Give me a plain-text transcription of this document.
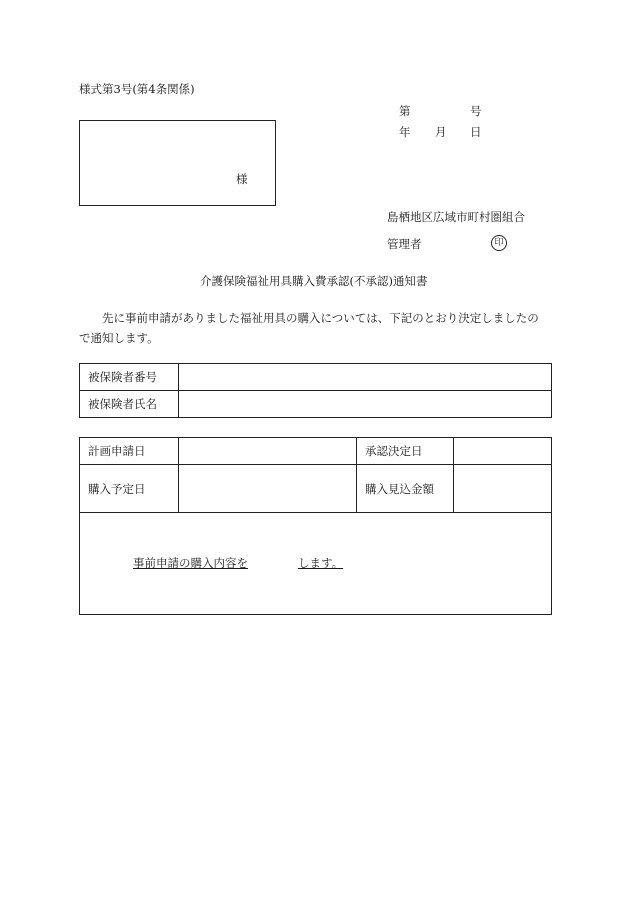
様式第3号(第4条関係)
第	号
年 月 日
様
島栖地区広域市町村圏組合
管理者	印
介護保険福祉用具購入費承認(不承認)通知書
先に事前申請がありました福祉用具の購入については、下記のとおり決定しましたの
で通知します。
被保険者番号	
被保険者氏名	
計画申請日		承認決定日	
購入予定日		購入見込金額	

事前申請の購入内容を します。			
